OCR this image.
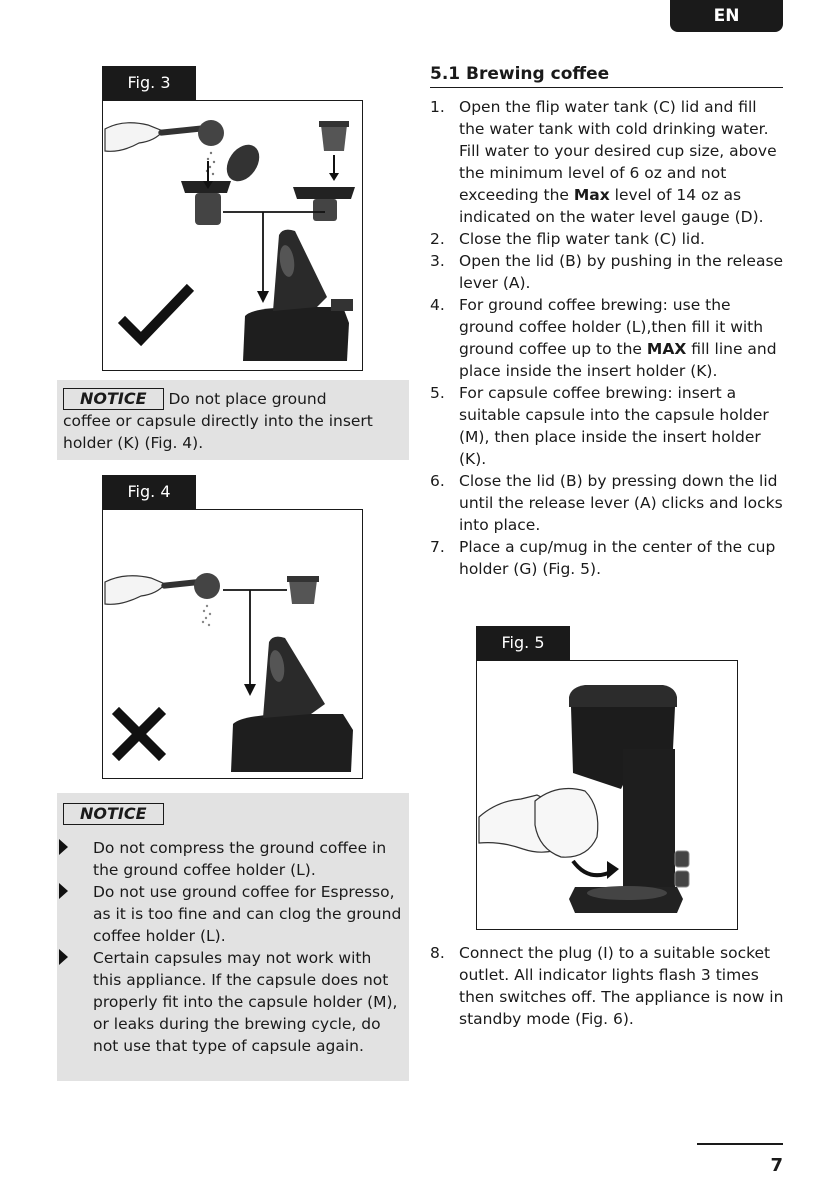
EN
Fig. 3
NOTICE Do not place ground
coffee or capsule directly into the insert holder (K) (Fig. 4).
Fig. 4
NOTICE
Do not compress the ground coffee in the ground coffee holder (L).
Do not use ground coffee for Espresso, as it is too fine and can clog the ground coffee holder (L).
Certain capsules may not work with this appliance. If the capsule does not properly fit into the capsule holder (M), or leaks during the brewing cycle, do not use that type of capsule again.
5.1 Brewing coffee
1. Open the flip water tank (C) lid and fill the water tank with cold drinking water. Fill water to your desired cup size, above the minimum level of 6 oz and not exceeding the Max level of 14 oz as indicated on the water level gauge (D).
2. Close the flip water tank (C) lid.
3. Open the lid (B) by pushing in the release lever (A).
4. For ground coffee brewing: use the ground coffee holder (L),then fill it with ground coffee up to the MAX fill line and place inside the insert holder (K).
5. For capsule coffee brewing: insert a suitable capsule into the capsule holder (M), then place inside the insert holder (K).
6. Close the lid (B) by pressing down the lid until the release lever (A) clicks and locks into place.
7. Place a cup/mug in the center of the cup holder (G) (Fig. 5).
Fig. 5
8. Connect the plug (I) to a suitable socket outlet. All indicator lights flash 3 times then switches off. The appliance is now in standby mode (Fig. 6).
7
